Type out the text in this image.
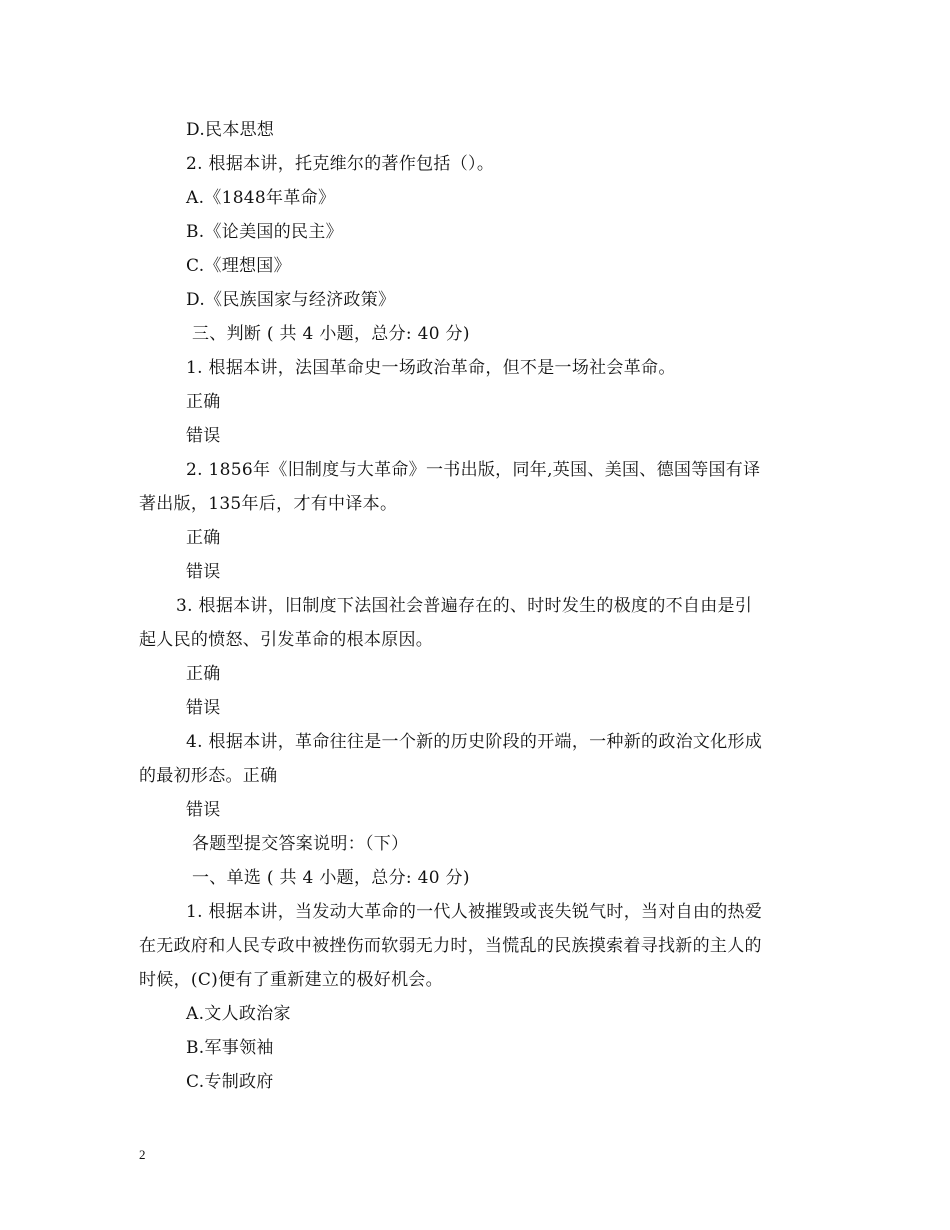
D.民本思想
2. 根据本讲，托克维尔的著作包括（）。
A.《1848年革命》
B.《论美国的民主》
C.《理想国》
D.《民族国家与经济政策》
三、判断 ( 共 4 小题，总分: 40 分)
1. 根据本讲，法国革命史一场政治革命，但不是一场社会革命。
正确
错误
2. 1856年《旧制度与大革命》一书出版，同年,英国、美国、德国等国有译
著出版，135年后，才有中译本。
正确
错误
3. 根据本讲，旧制度下法国社会普遍存在的、时时发生的极度的不自由是引
起人民的愤怒、引发革命的根本原因。
正确
错误
4. 根据本讲，革命往往是一个新的历史阶段的开端，一种新的政治文化形成
的最初形态。正确
错误
各题型提交答案说明：（下）
一、单选 ( 共 4 小题，总分: 40 分)
1. 根据本讲，当发动大革命的一代人被摧毁或丧失锐气时，当对自由的热爱
在无政府和人民专政中被挫伤而软弱无力时，当慌乱的民族摸索着寻找新的主人的
时候，(C)便有了重新建立的极好机会。
A.文人政治家
B.军事领袖
C.专制政府
2
